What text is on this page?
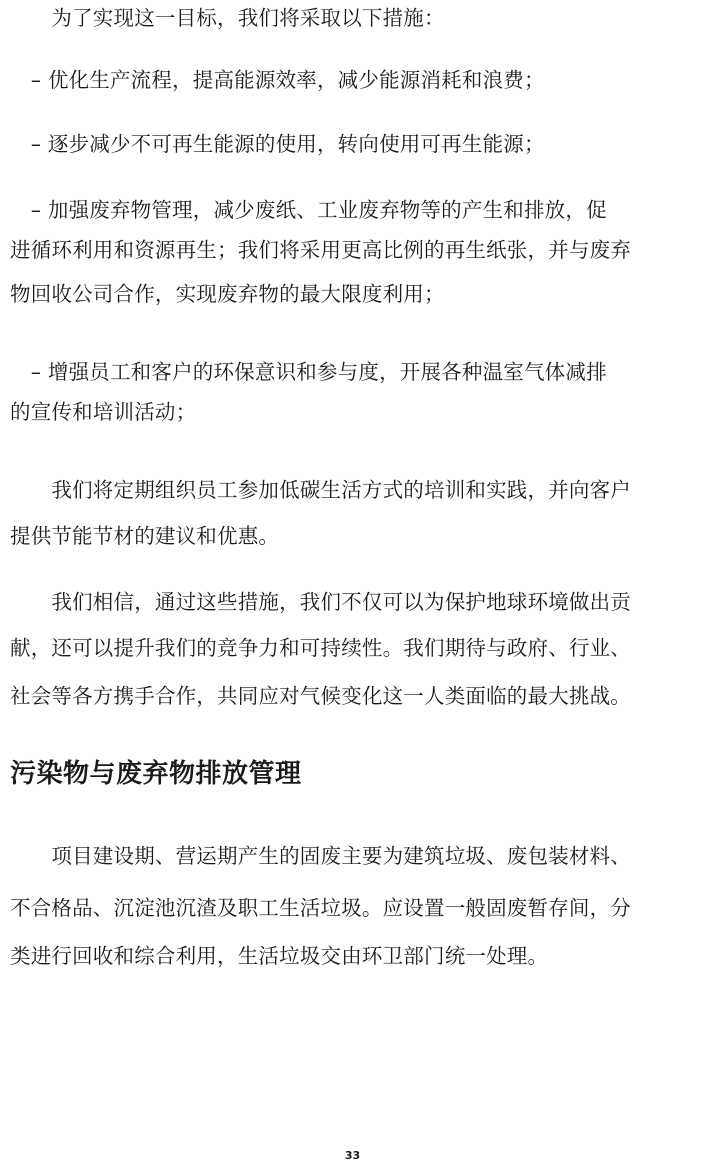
　　为了实现这一目标，我们将采取以下措施：
　– 优化生产流程，提高能源效率，减少能源消耗和浪费；
　– 逐步减少不可再生能源的使用，转向使用可再生能源；
　– 加强废弃物管理，减少废纸、工业废弃物等的产生和排放，促
进循环利用和资源再生；我们将采用更高比例的再生纸张，并与废弃
物回收公司合作，实现废弃物的最大限度利用；
　– 增强员工和客户的环保意识和参与度，开展各种温室气体减排
的宣传和培训活动；
　　我们将定期组织员工参加低碳生活方式的培训和实践，并向客户
提供节能节材的建议和优惠。
　　我们相信，通过这些措施，我们不仅可以为保护地球环境做出贡
献，还可以提升我们的竞争力和可持续性。我们期待与政府、行业、
社会等各方携手合作，共同应对气候变化这一人类面临的最大挑战。
污染物与废弃物排放管理
　　项目建设期、营运期产生的固废主要为建筑垃圾、废包装材料、
不合格品、沉淀池沉渣及职工生活垃圾。应设置一般固废暂存间，分
类进行回收和综合利用，生活垃圾交由环卫部门统一处理。
33
